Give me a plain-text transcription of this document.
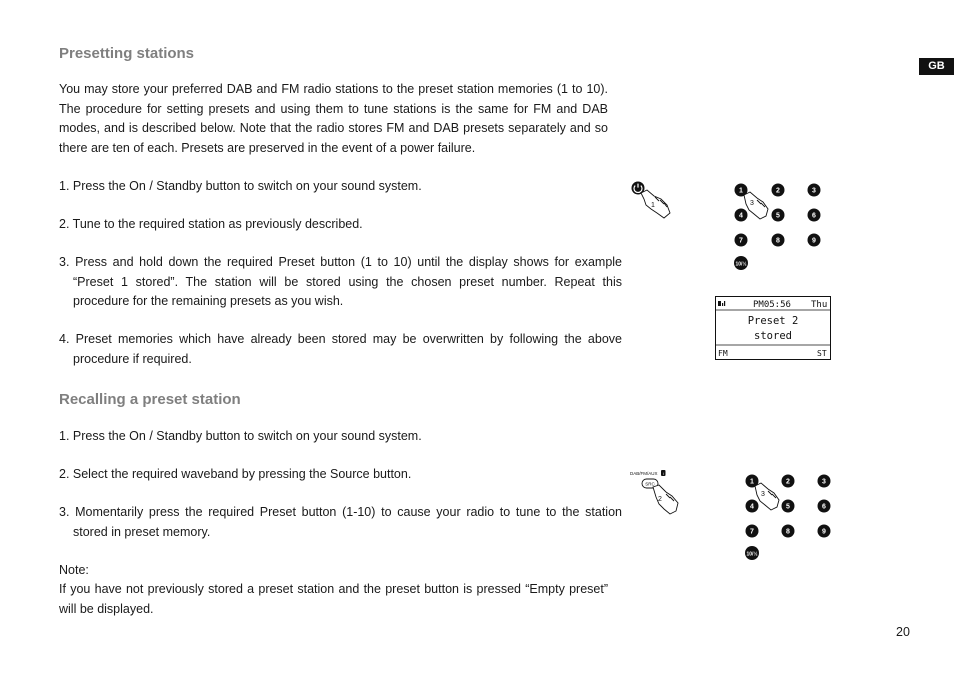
Presetting stations

You may store your preferred DAB and FM radio stations to the preset station memories (1 to 10). The procedure for setting presets and using them to tune stations is the same for FM and DAB modes, and is described below. Note that the radio stores FM and DAB presets separately and so there are ten of each. Presets are preserved in the event of a power failure.

1. Press the On / Standby button to switch on your sound system.

2. Tune to the required station as previously described.

3. Press and hold down the required Preset button (1 to 10) until the display shows for example “Preset 1 stored”. The station will be stored using the chosen preset number. Repeat this procedure for the remaining presets as you wish.

4. Preset memories which have already been stored may be overwritten by following the above procedure if required.

Recalling a preset station

1. Press the On / Standby button to switch on your sound system.

2. Select the required waveband by pressing the Source button.

3. Momentarily press the required Preset button (1-10) to cause your radio to tune to the station stored in preset memory.

Note:

If you have not previously stored a preset station and the preset button is pressed “Empty preset” will be displayed.

GB
20
1
1	2	3
4	5	6
7	8	9
10/½
3
PM05:56 Thu
Preset 2
stored
FM	ST
DAB/FM/AUX i
SRC
2
1	2	3
4	5	6
7	8	9
10/½
3
